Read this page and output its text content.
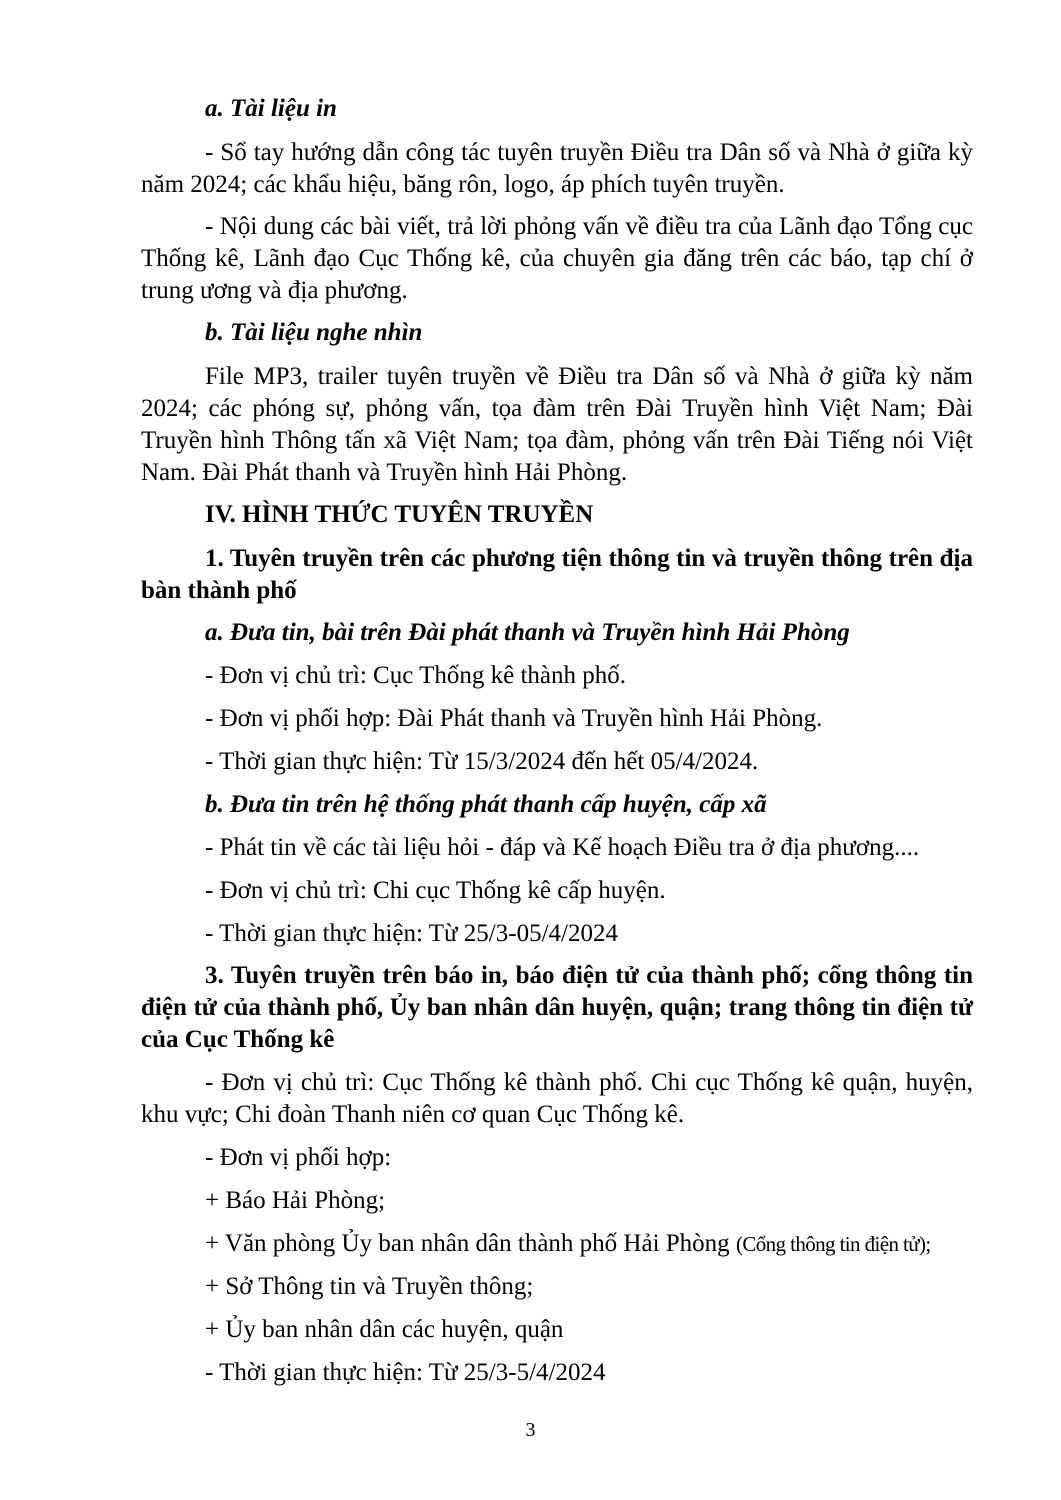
a. Tài liệu in
- Sổ tay hướng dẫn công tác tuyên truyền Điều tra Dân số và Nhà ở giữa kỳ
năm 2024; các khẩu hiệu, băng rôn, logo, áp phích tuyên truyền.
- Nội dung các bài viết, trả lời phỏng vấn về điều tra của Lãnh đạo Tổng cục
Thống kê, Lãnh đạo Cục Thống kê, của chuyên gia đăng trên các báo, tạp chí ở
trung ương và địa phương.
b. Tài liệu nghe nhìn
File MP3, trailer tuyên truyền về Điều tra Dân số và Nhà ở giữa kỳ năm
2024; các phóng sự, phỏng vấn, tọa đàm trên Đài Truyền hình Việt Nam; Đài
Truyền hình Thông tấn xã Việt Nam; tọa đàm, phỏng vấn trên Đài Tiếng nói Việt
Nam. Đài Phát thanh và Truyền hình Hải Phòng.
IV. HÌNH THỨC TUYÊN TRUYỀN
1. Tuyên truyền trên các phương tiện thông tin và truyền thông trên địa
bàn thành phố
a. Đưa tin, bài trên Đài phát thanh và Truyền hình Hải Phòng
- Đơn vị chủ trì: Cục Thống kê thành phố.
- Đơn vị phối hợp: Đài Phát thanh và Truyền hình Hải Phòng.
- Thời gian thực hiện: Từ 15/3/2024 đến hết 05/4/2024.
b. Đưa tin trên hệ thống phát thanh cấp huyện, cấp xã
- Phát tin về các tài liệu hỏi - đáp và Kế hoạch Điều tra ở địa phương....
- Đơn vị chủ trì: Chi cục Thống kê cấp huyện.
- Thời gian thực hiện: Từ 25/3-05/4/2024
3. Tuyên truyền trên báo in, báo điện tử của thành phố; cổng thông tin
điện tử của thành phố, Ủy ban nhân dân huyện, quận; trang thông tin điện tử
của Cục Thống kê
- Đơn vị chủ trì: Cục Thống kê thành phố. Chi cục Thống kê quận, huyện,
khu vực; Chi đoàn Thanh niên cơ quan Cục Thống kê.
- Đơn vị phối hợp:
+ Báo Hải Phòng;
+ Văn phòng Ủy ban nhân dân thành phố Hải Phòng (Cổng thông tin điện tử);
+ Sở Thông tin và Truyền thông;
+ Ủy ban nhân dân các huyện, quận
- Thời gian thực hiện: Từ 25/3-5/4/2024
3
